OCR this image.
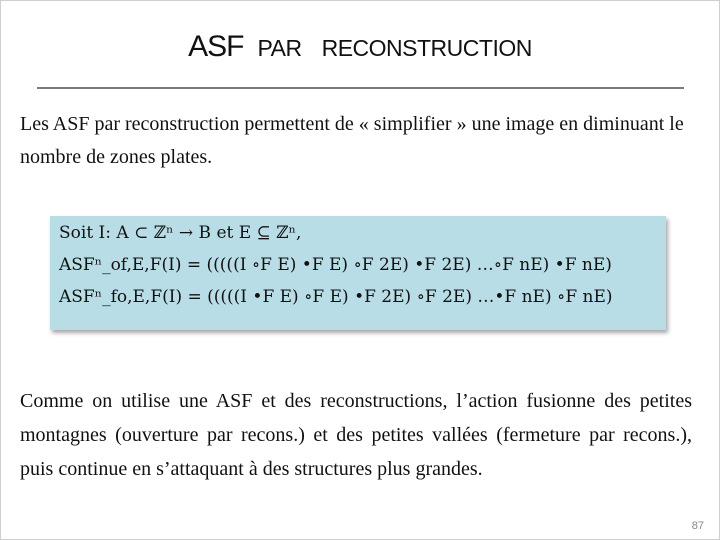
ASF PAR RECONSTRUCTION
Les ASF par reconstruction permettent de « simplifier » une image en diminuant le nombre de zones plates.
Soit I: A ⊂ ℤⁿ → B et E ⊆ ℤⁿ,
ASFⁿ_of,E,F(I) = (((((I ∘F E) •F E) ∘F 2E) •F 2E) …∘F nE) •F nE)
ASFⁿ_fo,E,F(I) = (((((I •F E) ∘F E) •F 2E) ∘F 2E) …•F nE) ∘F nE)
Comme on utilise une ASF et des reconstructions, l’action fusionne des petites montagnes (ouverture par recons.) et des petites vallées (fermeture par recons.), puis continue en s’attaquant à des structures plus grandes.
87
